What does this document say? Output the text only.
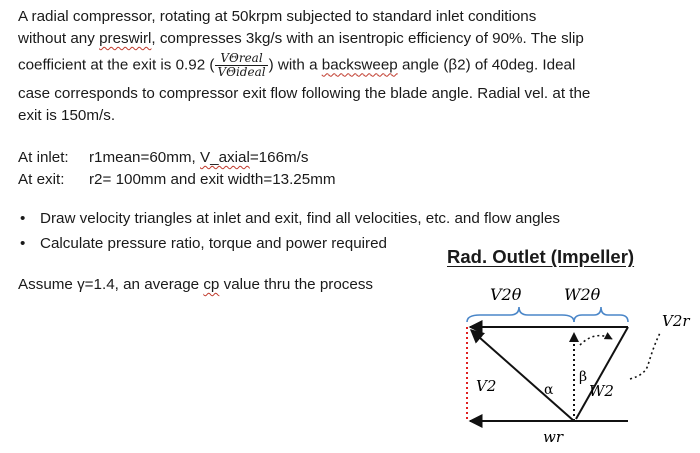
A radial compressor, rotating at 50krpm subjected to standard inlet conditions
without any preswirl, compresses 3kg/s with an isentropic efficiency of 90%. The slip
coefficient at the exit is 0.92 ( $\frac{\text{VΘreal}}{\text{VΘideal}}$ ) with a backsweep angle (β2) of 40deg. Ideal
case corresponds to compressor exit flow following the blade angle. Radial vel. at the
exit is 150m/s.
At inlet: r1mean=60mm, V_axial=166m/s
At exit: r2= 100mm and exit width=13.25mm
• Draw velocity triangles at inlet and exit, find all velocities, etc. and flow angles
• Calculate pressure ratio, torque and power required
Assume γ=1.4, an average cp value thru the process
Rad. Outlet (Impeller)
V2θ	W2θ
V2r
V2	α
β
W2
wr
